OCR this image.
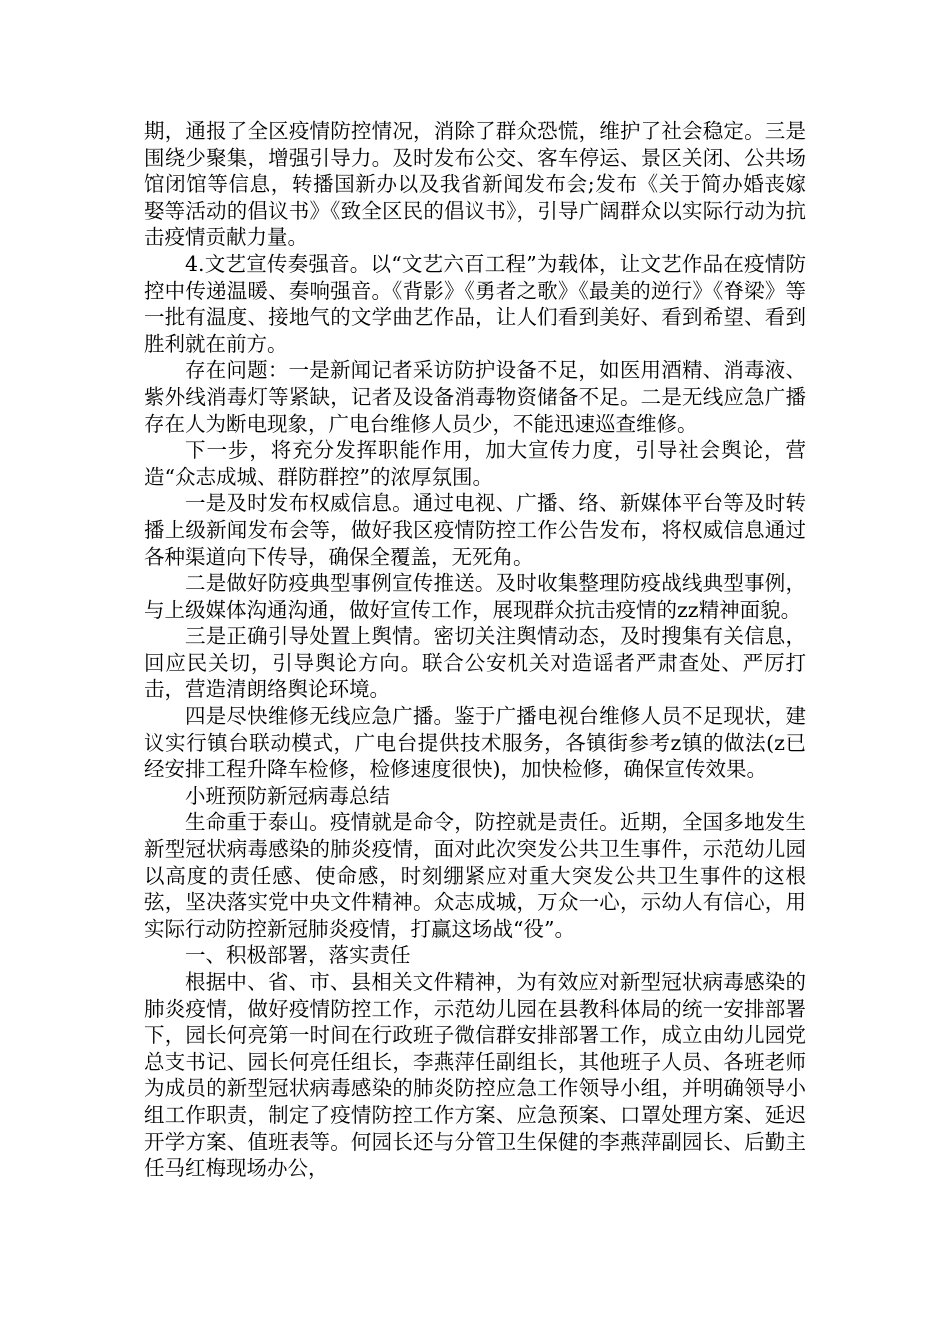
期，通报了全区疫情防控情况，消除了群众恐慌，维护了社会稳定。三是围绕少聚集，增强引导力。及时发布公交、客车停运、景区关闭、公共场馆闭馆等信息，转播国新办以及我省新闻发布会;发布《关于简办婚丧嫁娶等活动的倡议书》《致全区民的倡议书》，引导广阔群众以实际行动为抗击疫情贡献力量。

4.文艺宣传奏强音。以“文艺六百工程”为载体，让文艺作品在疫情防控中传递温暖、奏响强音。《背影》《勇者之歌》《最美的逆行》《脊梁》等一批有温度、接地气的文学曲艺作品，让人们看到美好、看到希望、看到胜利就在前方。

存在问题：一是新闻记者采访防护设备不足，如医用酒精、消毒液、紫外线消毒灯等紧缺，记者及设备消毒物资储备不足。二是无线应急广播存在人为断电现象，广电台维修人员少，不能迅速巡查维修。

下一步，将充分发挥职能作用，加大宣传力度，引导社会舆论，营造“众志成城、群防群控”的浓厚氛围。

一是及时发布权威信息。通过电视、广播、络、新媒体平台等及时转播上级新闻发布会等，做好我区疫情防控工作公告发布，将权威信息通过各种渠道向下传导，确保全覆盖，无死角。

二是做好防疫典型事例宣传推送。及时收集整理防疫战线典型事例，与上级媒体沟通沟通，做好宣传工作，展现群众抗击疫情的zz精神面貌。

三是正确引导处置上舆情。密切关注舆情动态，及时搜集有关信息，回应民关切，引导舆论方向。联合公安机关对造谣者严肃查处、严厉打击，营造清朗络舆论环境。

四是尽快维修无线应急广播。鉴于广播电视台维修人员不足现状，建议实行镇台联动模式，广电台提供技术服务，各镇街参考z镇的做法(z已经安排工程升降车检修，检修速度很快)，加快检修，确保宣传效果。

小班预防新冠病毒总结

生命重于泰山。疫情就是命令，防控就是责任。近期，全国多地发生新型冠状病毒感染的肺炎疫情，面对此次突发公共卫生事件，示范幼儿园以高度的责任感、使命感，时刻绷紧应对重大突发公共卫生事件的这根弦，坚决落实党中央文件精神。众志成城，万众一心，示幼人有信心，用实际行动防控新冠肺炎疫情，打赢这场战“役”。

一、积极部署，落实责任

根据中、省、市、县相关文件精神，为有效应对新型冠状病毒感染的肺炎疫情，做好疫情防控工作，示范幼儿园在县教科体局的统一安排部署下，园长何亮第一时间在行政班子微信群安排部署工作，成立由幼儿园党总支书记、园长何亮任组长，李燕萍任副组长，其他班子人员、各班老师为成员的新型冠状病毒感染的肺炎防控应急工作领导小组，并明确领导小组工作职责，制定了疫情防控工作方案、应急预案、口罩处理方案、延迟开学方案、值班表等。何园长还与分管卫生保健的李燕萍副园长、后勤主任马红梅现场办公，
